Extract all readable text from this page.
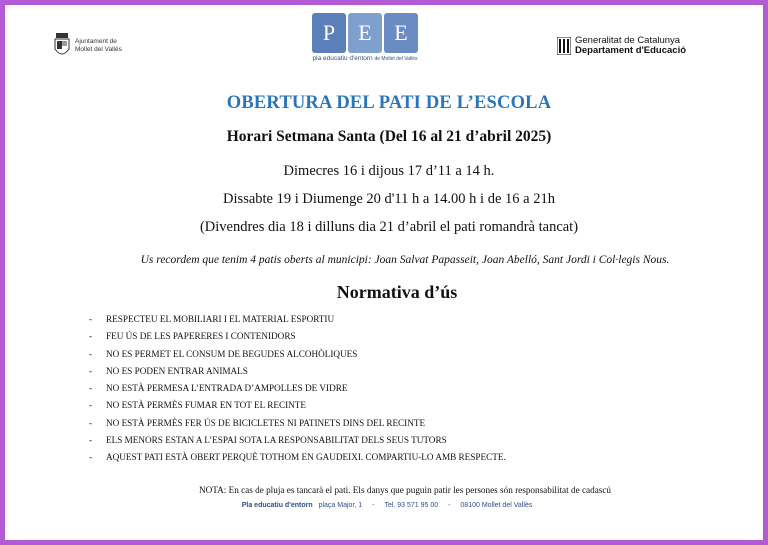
Ajuntament de
Mollet del Vallès
P	E	E
pla educatiu d'entorn de Mollet del Vallès
Generalitat de Catalunya
Departament d'Educació
OBERTURA DEL PATI DE L’ESCOLA
Horari Setmana Santa (Del 16 al 21 d’abril 2025)
Dimecres 16 i dijous 17 d’11 a 14 h.
Dissabte 19 i Diumenge 20 d'11 h a 14.00 h i de 16 a 21h
(Divendres dia 18 i dilluns dia 21 d’abril el pati romandrà tancat)
Us recordem que tenim 4 patis oberts al municipi: Joan Salvat Papasseit, Joan Abelló, Sant Jordi i Col·legis Nous.
Normativa d’ús
-	RESPECTEU EL MOBILIARI I EL MATERIAL ESPORTIU
-	FEU ÚS DE LES PAPERERES I CONTENIDORS
-	NO ES PERMET EL CONSUM DE BEGUDES ALCOHÒLIQUES
-	NO ES PODEN ENTRAR ANIMALS
-	NO ESTÀ PERMESA L’ENTRADA D’AMPOLLES DE VIDRE
-	NO ESTÀ PERMÈS FUMAR EN TOT EL RECINTE
-	NO ESTÀ PERMÈS FER ÚS DE BICICLETES NI PATINETS DINS DEL RECINTE
-	ELS MENORS ESTAN A L’ESPAI SOTA LA RESPONSABILITAT DELS SEUS TUTORS
-	AQUEST PATI ESTÀ OBERT PERQUÈ TOTHOM EN GAUDEIXI. COMPARTIU-LO AMB RESPECTE.
NOTA: En cas de pluja es tancarà el pati. Els danys que puguin patir les persones són responsabilitat de cadascú
Pla educatiu d'entorn plaça Major, 1 - Tel. 93 571 95 00 - 08100 Mollet del Vallès
